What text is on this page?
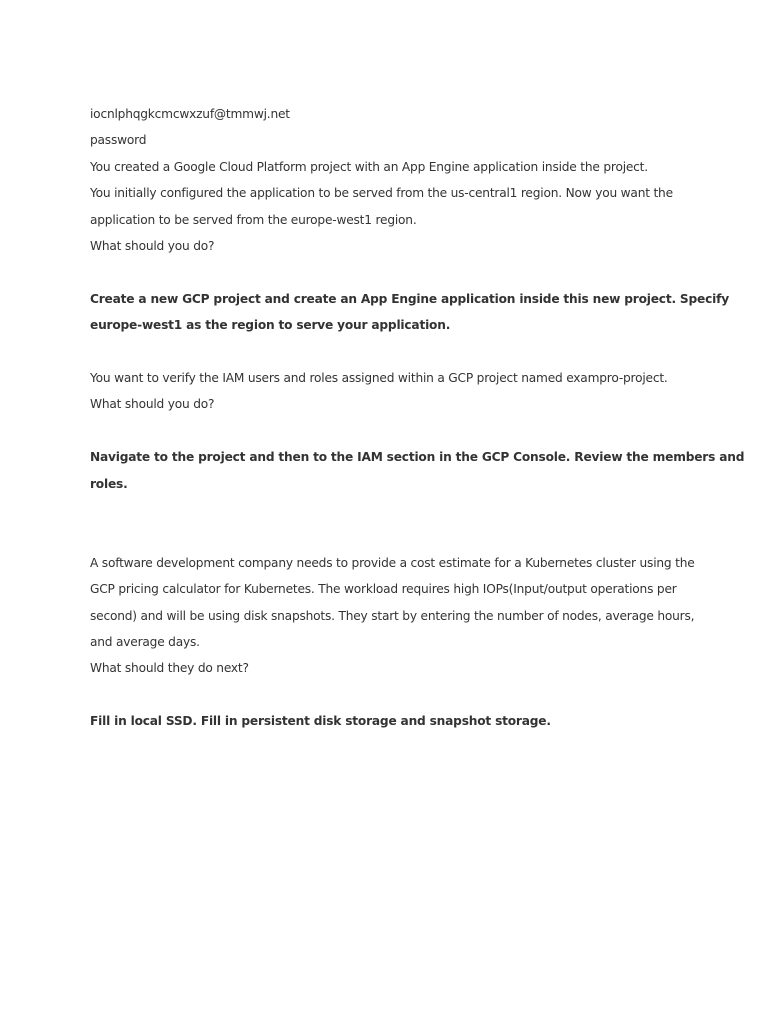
iocnlphqgkcmcwxzuf@tmmwj.net
password
You created a Google Cloud Platform project with an App Engine application inside the project.
You initially configured the application to be served from the us-central1 region. Now you want the
application to be served from the europe-west1 region.
What should you do?
Create a new GCP project and create an App Engine application inside this new project. Specify
europe-west1 as the region to serve your application.
You want to verify the IAM users and roles assigned within a GCP project named exampro-project.
What should you do?
Navigate to the project and then to the IAM section in the GCP Console. Review the members and
roles.
A software development company needs to provide a cost estimate for a Kubernetes cluster using the
GCP pricing calculator for Kubernetes. The workload requires high IOPs(Input/output operations per
second) and will be using disk snapshots. They start by entering the number of nodes, average hours,
and average days.
What should they do next?
Fill in local SSD. Fill in persistent disk storage and snapshot storage.
